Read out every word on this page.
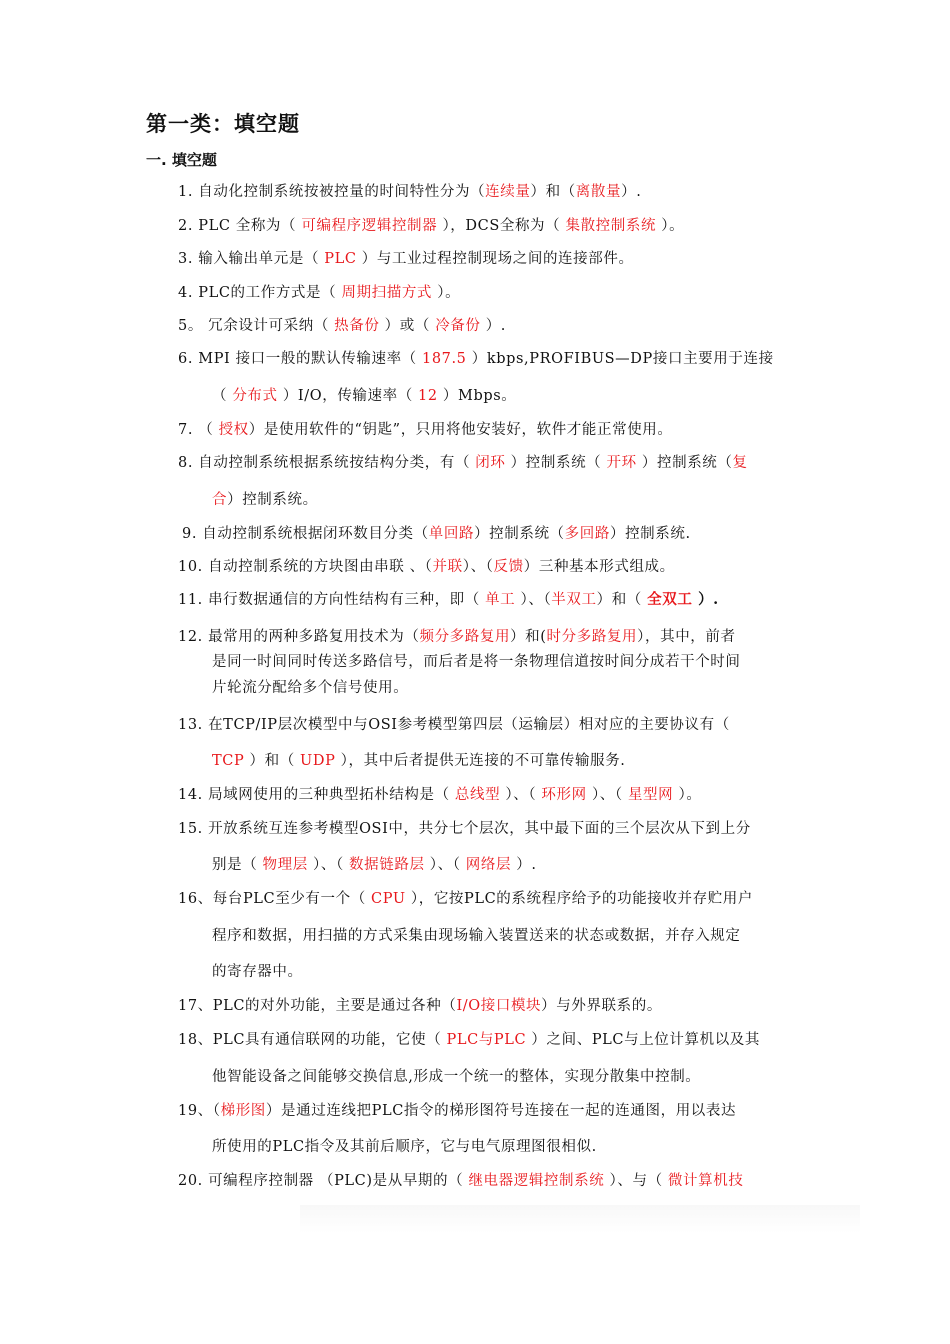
第一类：填空题
一. 填空题
1. 自动化控制系统按被控量的时间特性分为（连续量）和（离散量）.
2. PLC 全称为（ 可编程序逻辑控制器 ），DCS全称为（ 集散控制系统 ）。
3. 输入输出单元是（ PLC ）与工业过程控制现场之间的连接部件。
4. PLC的工作方式是（ 周期扫描方式 ）。
5。 冗余设计可采纳（ 热备份 ）或（ 冷备份 ）.
6. MPI 接口一般的默认传输速率（ 187.5 ）kbps,PROFIBUS—DP接口主要用于连接
（ 分布式 ）I/O，传输速率（ 12 ）Mbps。
7. （ 授权）是使用软件的“钥匙”，只用将他安装好，软件才能正常使用。
8. 自动控制系统根据系统按结构分类，有（ 闭环 ）控制系统（ 开环 ）控制系统（复
合）控制系统。
9. 自动控制系统根据闭环数目分类（单回路）控制系统（多回路）控制系统.
10. 自动控制系统的方块图由串联 、（并联）、（反馈）三种基本形式组成。
11. 串行数据通信的方向性结构有三种，即（ 单工 ）、（半双工）和（ 全双工 ）.
12. 最常用的两种多路复用技术为（频分多路复用）和(时分多路复用），其中，前者
是同一时间同时传送多路信号，而后者是将一条物理信道按时间分成若干个时间
片轮流分配给多个信号使用。
13. 在TCP/IP层次模型中与OSI参考模型第四层（运输层）相对应的主要协议有（
TCP ）和（ UDP ），其中后者提供无连接的不可靠传输服务.
14. 局域网使用的三种典型拓朴结构是（ 总线型 ）、（ 环形网 ）、（ 星型网 ）。
15. 开放系统互连参考模型OSI中，共分七个层次，其中最下面的三个层次从下到上分
别是（ 物理层 ）、（ 数据链路层 ）、（ 网络层 ）.
16、每台PLC至少有一个（ CPU ），它按PLC的系统程序给予的功能接收并存贮用户
程序和数据，用扫描的方式采集由现场输入装置送来的状态或数据，并存入规定
的寄存器中。
17、PLC的对外功能，主要是通过各种（I/O接口模块）与外界联系的。
18、PLC具有通信联网的功能，它使（ PLC与PLC ）之间、PLC与上位计算机以及其
他智能设备之间能够交换信息,形成一个统一的整体，实现分散集中控制。
19、（梯形图）是通过连线把PLC指令的梯形图符号连接在一起的连通图，用以表达
所使用的PLC指令及其前后顺序，它与电气原理图很相似.
20. 可编程序控制器 （PLC)是从早期的（ 继电器逻辑控制系统 ）、与（ 微计算机技
